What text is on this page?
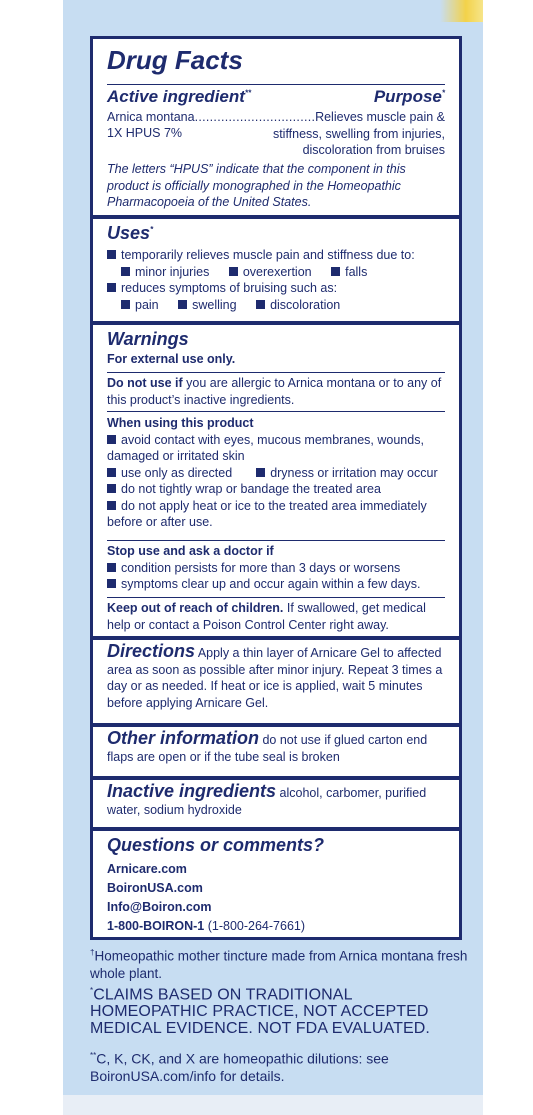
Drug Facts
Active ingredient**	Purpose*
Arnica montana................................ Relieves muscle pain &
stiffness, swelling from injuries,
discoloration from bruises
1X HPUS 7%
The letters “HPUS” indicate that the component in this product is officially monographed in the Homeopathic Pharmacopoeia of the United States.
Uses*
temporarily relieves muscle pain and stiffness due to:
minor injuries	overexertion	falls
reduces symptoms of bruising such as:
pain	swelling	discoloration
Warnings
For external use only.
Do not use if you are allergic to Arnica montana or to any of this product’s inactive ingredients.
When using this product
avoid contact with eyes, mucous membranes, wounds, damaged or irritated skin
use only as directed	dryness or irritation may occur
do not tightly wrap or bandage the treated area
do not apply heat or ice to the treated area immediately before or after use.
Stop use and ask a doctor if
condition persists for more than 3 days or worsens
symptoms clear up and occur again within a few days.
Keep out of reach of children. If swallowed, get medical help or contact a Poison Control Center right away.
Directions Apply a thin layer of Arnicare Gel to affected area as soon as possible after minor injury. Repeat 3 times a day or as needed. If heat or ice is applied, wait 5 minutes before applying Arnicare Gel.
Other information do not use if glued carton end flaps are open or if the tube seal is broken
Inactive ingredients alcohol, carbomer, purified water, sodium hydroxide
Questions or comments?
Arnicare.com
BoironUSA.com
Info@Boiron.com
1-800-BOIRON-1 (1-800-264-7661)
†Homeopathic mother tincture made from Arnica montana fresh whole plant.
*CLAIMS BASED ON TRADITIONAL HOMEOPATHIC PRACTICE, NOT ACCEPTED MEDICAL EVIDENCE. NOT FDA EVALUATED.
**C, K, CK, and X are homeopathic dilutions: see BoironUSA.com/info for details.
